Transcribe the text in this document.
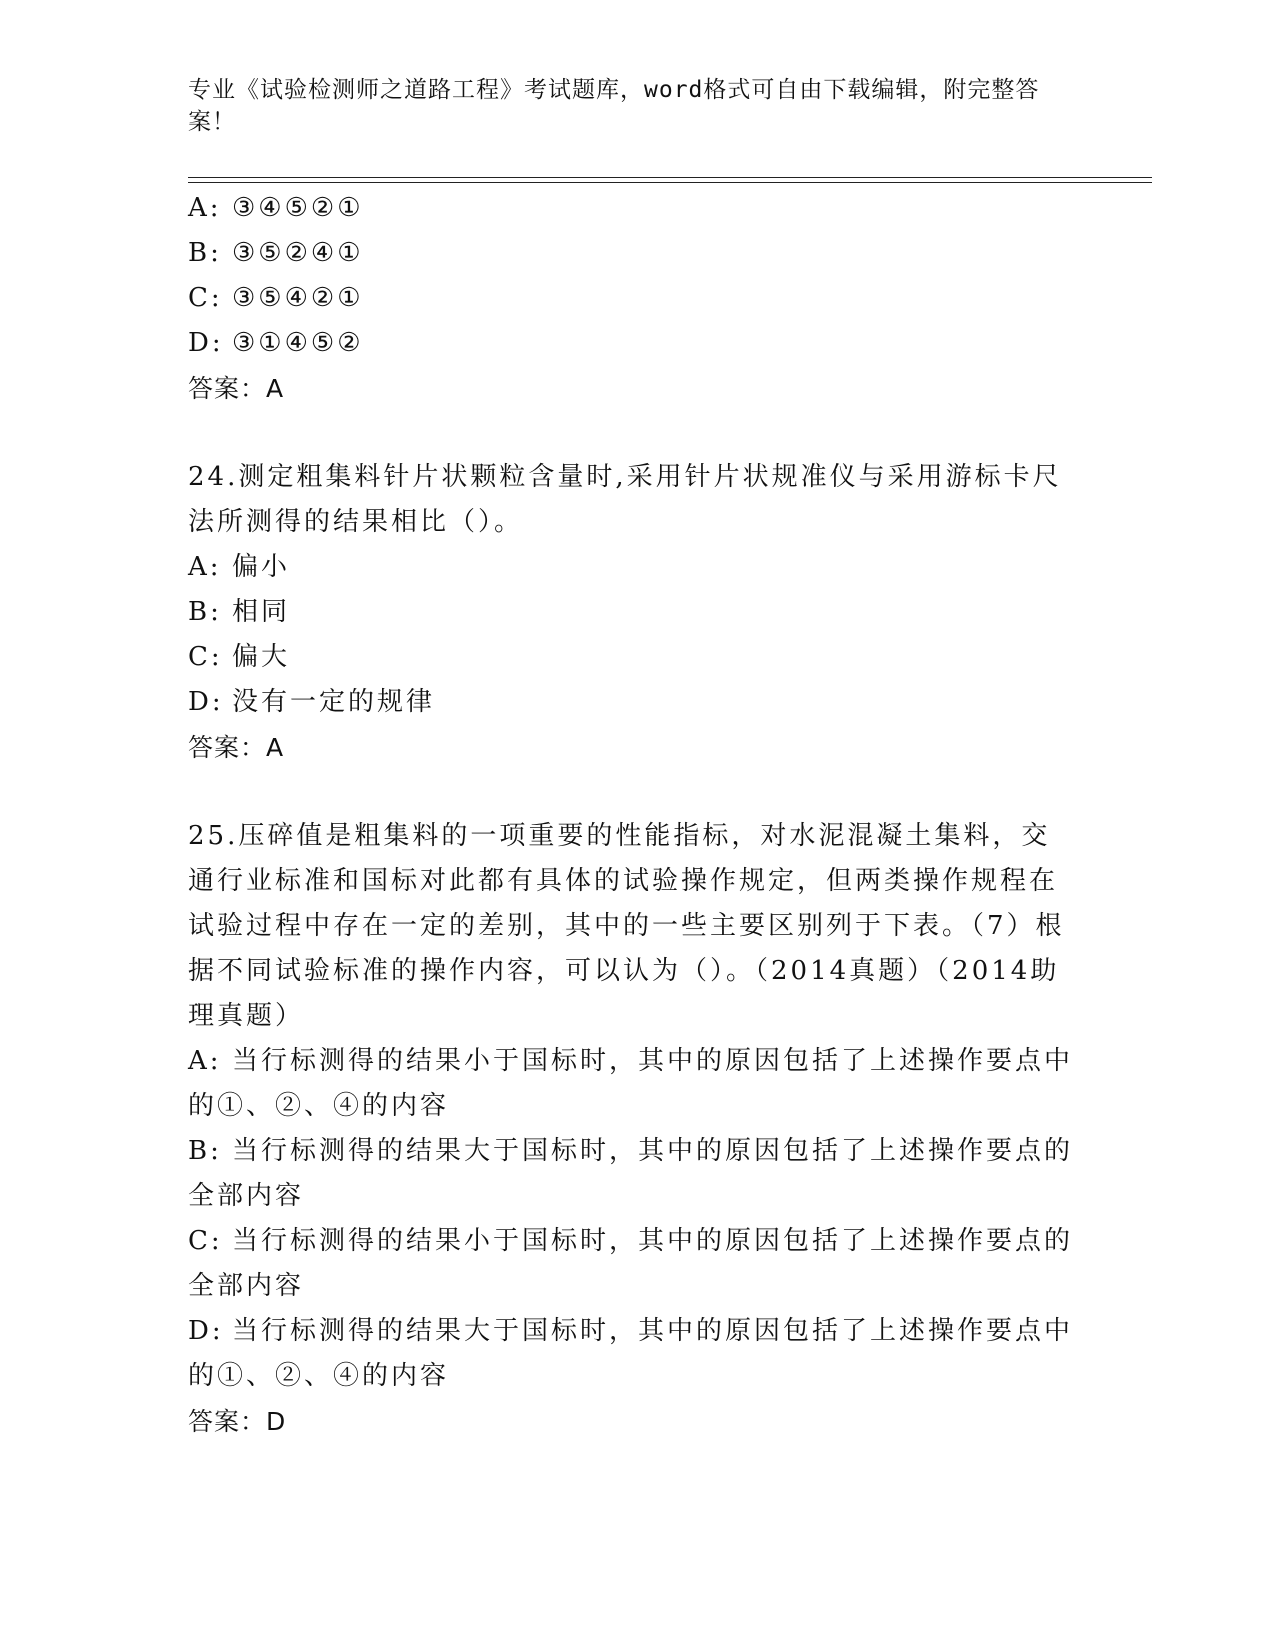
专业《试验检测师之道路工程》考试题库，word格式可自由下载编辑，附完整答案！
A: ③④⑤②①
B: ③⑤②④①
C: ③⑤④②①
D: ③①④⑤②
答案：A
24.测定粗集料针片状颗粒含量时,采用针片状规准仪与采用游标卡尺法所测得的结果相比（）。
A: 偏小
B: 相同
C: 偏大
D: 没有一定的规律
答案：A
25.压碎值是粗集料的一项重要的性能指标，对水泥混凝土集料，交通行业标准和国标对此都有具体的试验操作规定，但两类操作规程在试验过程中存在一定的差别，其中的一些主要区别列于下表。（7）根据不同试验标准的操作内容，可以认为（）。（2014真题）（2014助理真题）
A: 当行标测得的结果小于国标时，其中的原因包括了上述操作要点中的①、②、④的内容
B: 当行标测得的结果大于国标时，其中的原因包括了上述操作要点的全部内容
C: 当行标测得的结果小于国标时，其中的原因包括了上述操作要点的全部内容
D: 当行标测得的结果大于国标时，其中的原因包括了上述操作要点中的①、②、④的内容
答案：D
